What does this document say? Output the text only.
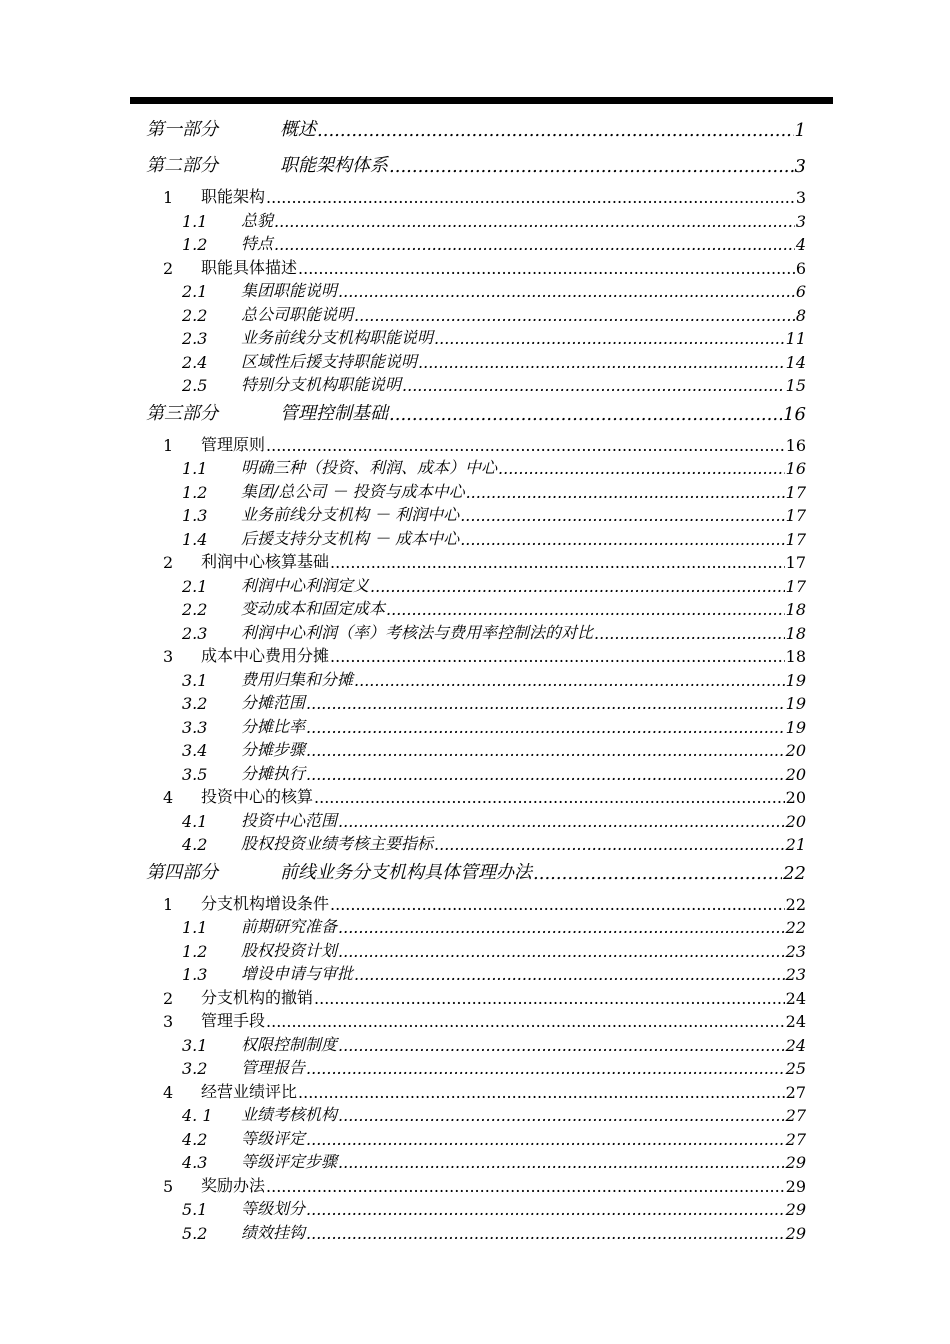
第一部分	概述 .....	1
第二部分	职能架构体系 .....	3
1 职能架构 .....	3
1.1 总貌 .....	3
1.2 特点 .....	4
2 职能具体描述 .....	6
2.1 集团职能说明 .....	6
2.2 总公司职能说明 .....	8
2.3 业务前线分支机构职能说明 .....	11
2.4 区域性后援支持职能说明 .....	14
2.5 特别分支机构职能说明 .....	15
第三部分	管理控制基础 .....	16
1 管理原则 .....	16
1.1 明确三种（投资、利润、成本）中心 .....	16
1.2 集团/总公司 － 投资与成本中心 .....	17
1.3 业务前线分支机构 － 利润中心 .....	17
1.4 后援支持分支机构 － 成本中心 .....	17
2 利润中心核算基础 .....	17
2.1 利润中心利润定义 .....	17
2.2 变动成本和固定成本 .....	18
2.3 利润中心利润（率）考核法与费用率控制法的对比 .....	18
3 成本中心费用分摊 .....	18
3.1 费用归集和分摊 .....	19
3.2 分摊范围 .....	19
3.3 分摊比率 .....	19
3.4 分摊步骤 .....	20
3.5 分摊执行 .....	20
4 投资中心的核算 .....	20
4.1 投资中心范围 .....	20
4.2 股权投资业绩考核主要指标 .....	21
第四部分	前线业务分支机构具体管理办法 .....	22
1 分支机构增设条件 .....	22
1.1 前期研究准备 .....	22
1.2 股权投资计划 .....	23
1.3 增设申请与审批 .....	23
2 分支机构的撤销 .....	24
3 管理手段 .....	24
3.1 权限控制制度 .....	24
3.2 管理报告 .....	25
4 经营业绩评比 .....	27
4. 1 业绩考核机构 .....	27
4.2 等级评定 .....	27
4.3 等级评定步骤 .....	29
5 奖励办法 .....	29
5.1 等级划分 .....	29
5.2 绩效挂钩 .....	29
